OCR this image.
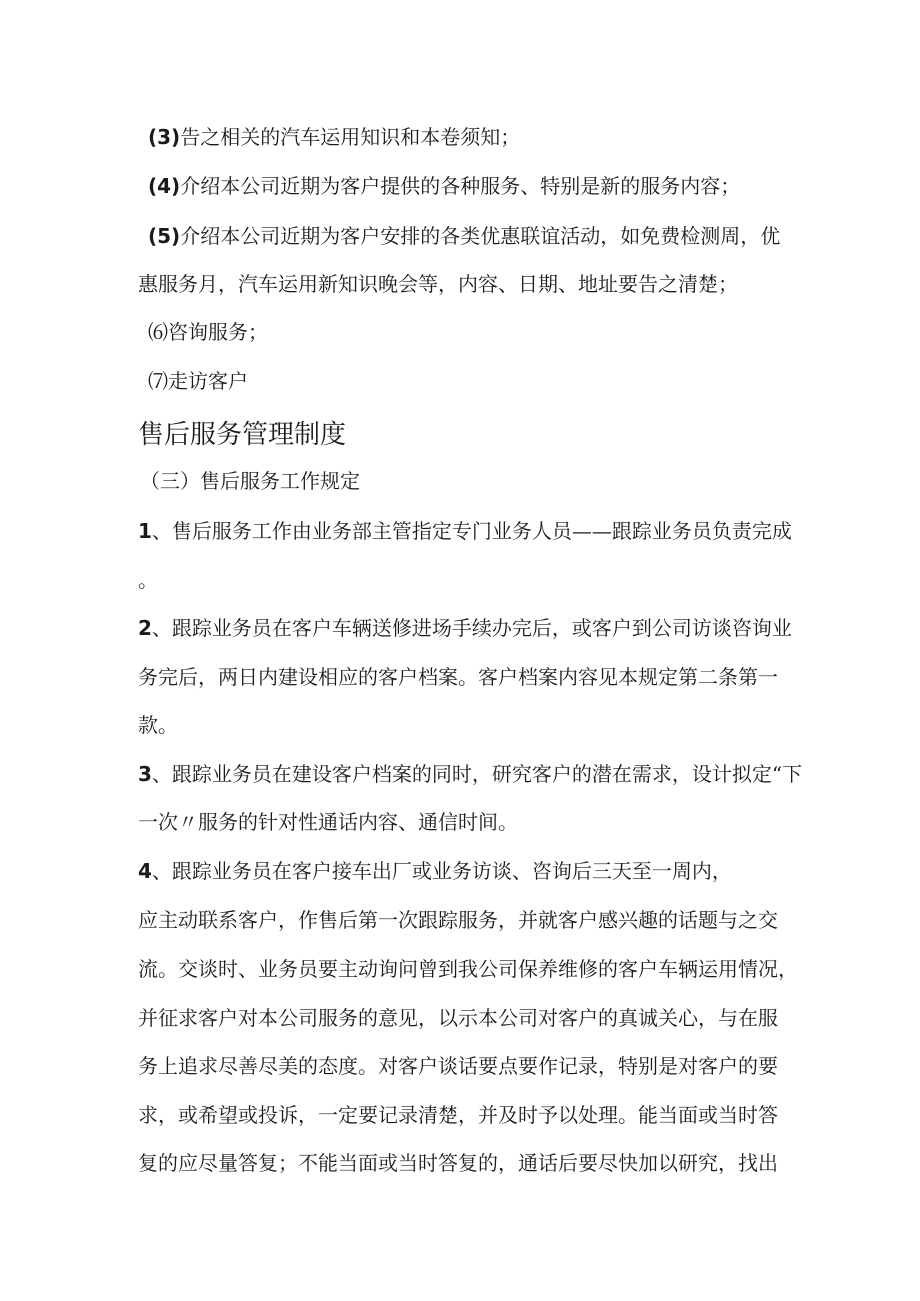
(3)告之相关的汽车运用知识和本卷须知；
(4)介绍本公司近期为客户提供的各种服务、特别是新的服务内容；
(5)介绍本公司近期为客户安排的各类优惠联谊活动，如免费检测周，优
惠服务月，汽车运用新知识晚会等，内容、日期、地址要告之清楚；
⑹咨询服务；
⑺走访客户
售后服务管理制度
（三）售后服务工作规定
1、售后服务工作由业务部主管指定专门业务人员——跟踪业务员负责完成
。
2、跟踪业务员在客户车辆送修进场手续办完后，或客户到公司访谈咨询业
务完后，两日内建设相应的客户档案。客户档案内容见本规定第二条第一
款。
3、跟踪业务员在建设客户档案的同时，研究客户的潜在需求，设计拟定“下
一次〃服务的针对性通话内容、通信时间。
4、跟踪业务员在客户接车出厂或业务访谈、咨询后三天至一周内，
应主动联系客户，作售后第一次跟踪服务，并就客户感兴趣的话题与之交
流。交谈时、业务员要主动询问曾到我公司保养维修的客户车辆运用情况，
并征求客户对本公司服务的意见，以示本公司对客户的真诚关心，与在服
务上追求尽善尽美的态度。对客户谈话要点要作记录，特别是对客户的要
求，或希望或投诉，一定要记录清楚，并及时予以处理。能当面或当时答
复的应尽量答复；不能当面或当时答复的，通话后要尽快加以研究，找出
